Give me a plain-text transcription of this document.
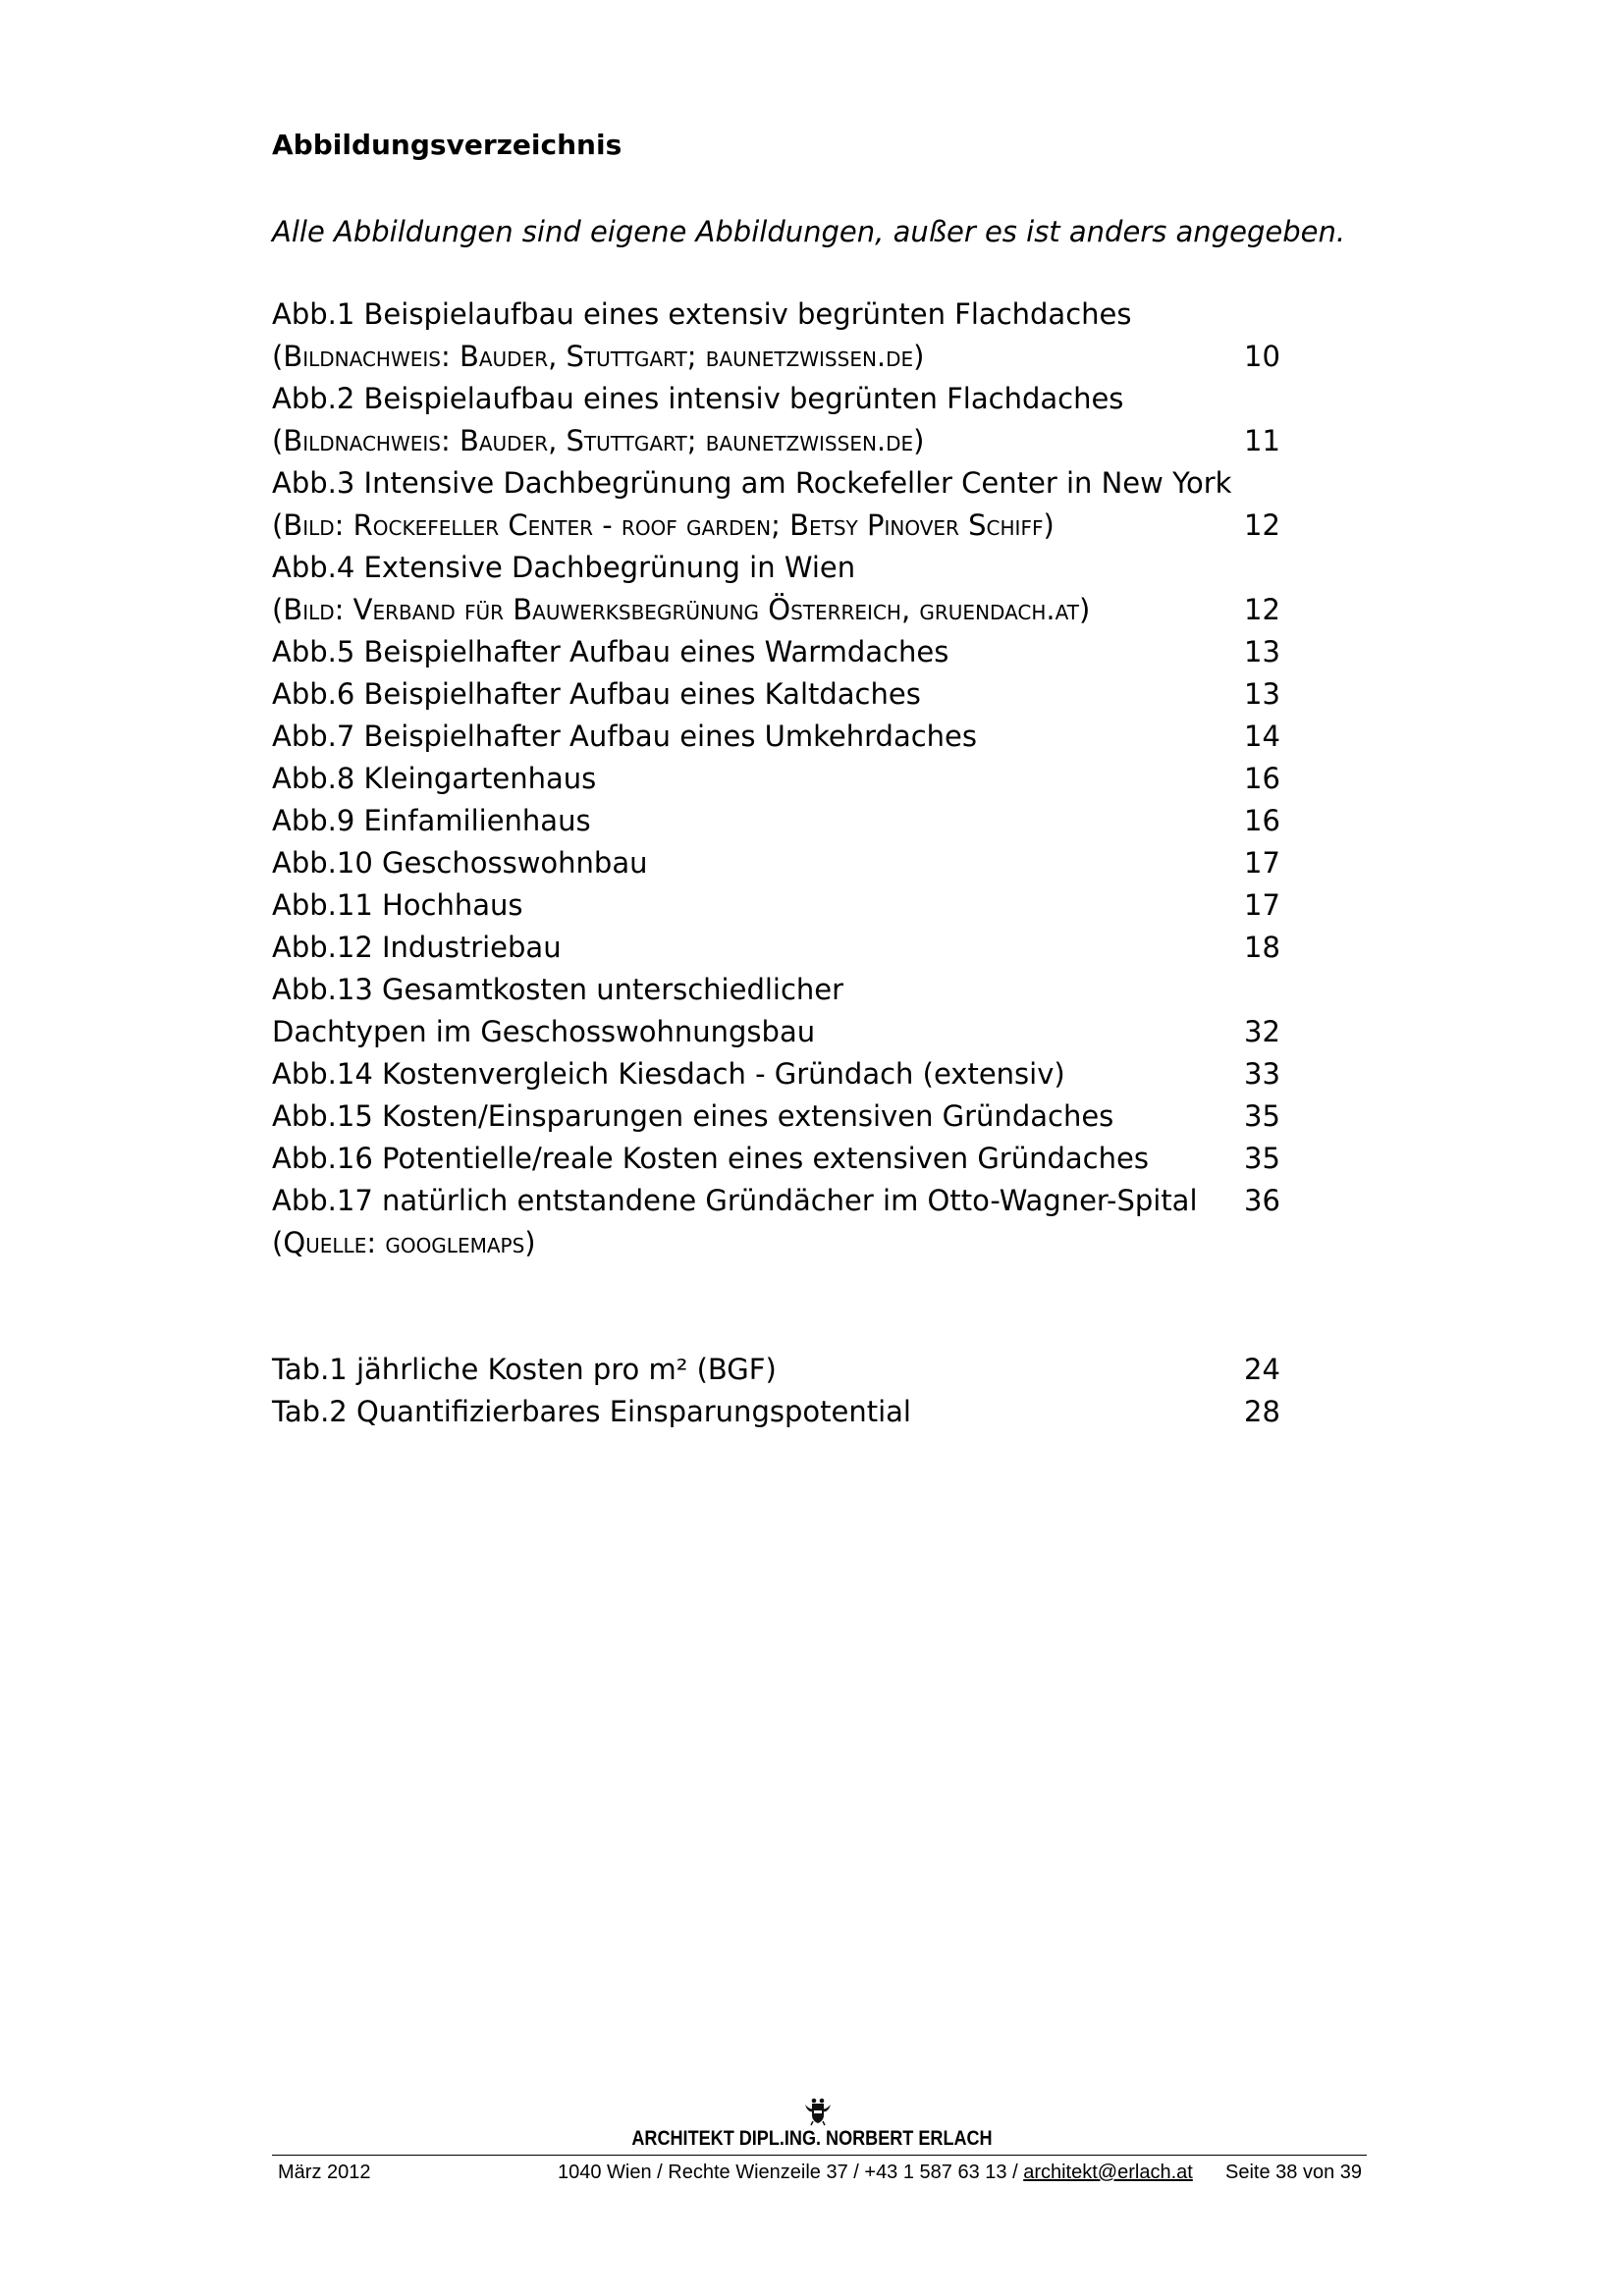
Abbildungsverzeichnis
Alle Abbildungen sind eigene Abbildungen, außer es ist anders angegeben.
Abb.1 Beispielaufbau eines extensiv begrünten Flachdaches
(Bildnachweis: Bauder, Stuttgart; baunetzwissen.de)	10
Abb.2 Beispielaufbau eines intensiv begrünten Flachdaches
(Bildnachweis: Bauder, Stuttgart; baunetzwissen.de)	11
Abb.3 Intensive Dachbegrünung am Rockefeller Center in New York
(Bild: Rockefeller Center - roof garden; Betsy Pinover Schiff)	12
Abb.4 Extensive Dachbegrünung in Wien
(Bild: Verband für Bauwerksbegrünung Österreich, gruendach.at)	12
Abb.5 Beispielhafter Aufbau eines Warmdaches	13
Abb.6 Beispielhafter Aufbau eines Kaltdaches	13
Abb.7 Beispielhafter Aufbau eines Umkehrdaches	14
Abb.8 Kleingartenhaus	16
Abb.9 Einfamilienhaus	16
Abb.10 Geschosswohnbau	17
Abb.11 Hochhaus	17
Abb.12 Industriebau	18
Abb.13 Gesamtkosten unterschiedlicher
Dachtypen im Geschosswohnungsbau	32
Abb.14 Kostenvergleich Kiesdach - Gründach (extensiv)	33
Abb.15 Kosten/Einsparungen eines extensiven Gründaches	35
Abb.16 Potentielle/reale Kosten eines extensiven Gründaches	35
Abb.17 natürlich entstandene Gründächer im Otto-Wagner-Spital 36
(Quelle: googlemaps)
Tab.1 jährliche Kosten pro m² (BGF)	24
Tab.2 Quantifizierbares Einsparungspotential	28
ARCHITEKT DIPL.ING. NORBERT ERLACH
März 2012	1040 Wien / Rechte Wienzeile 37 / +43 1 587 63 13 / architekt@erlach.at Seite 38 von 39
